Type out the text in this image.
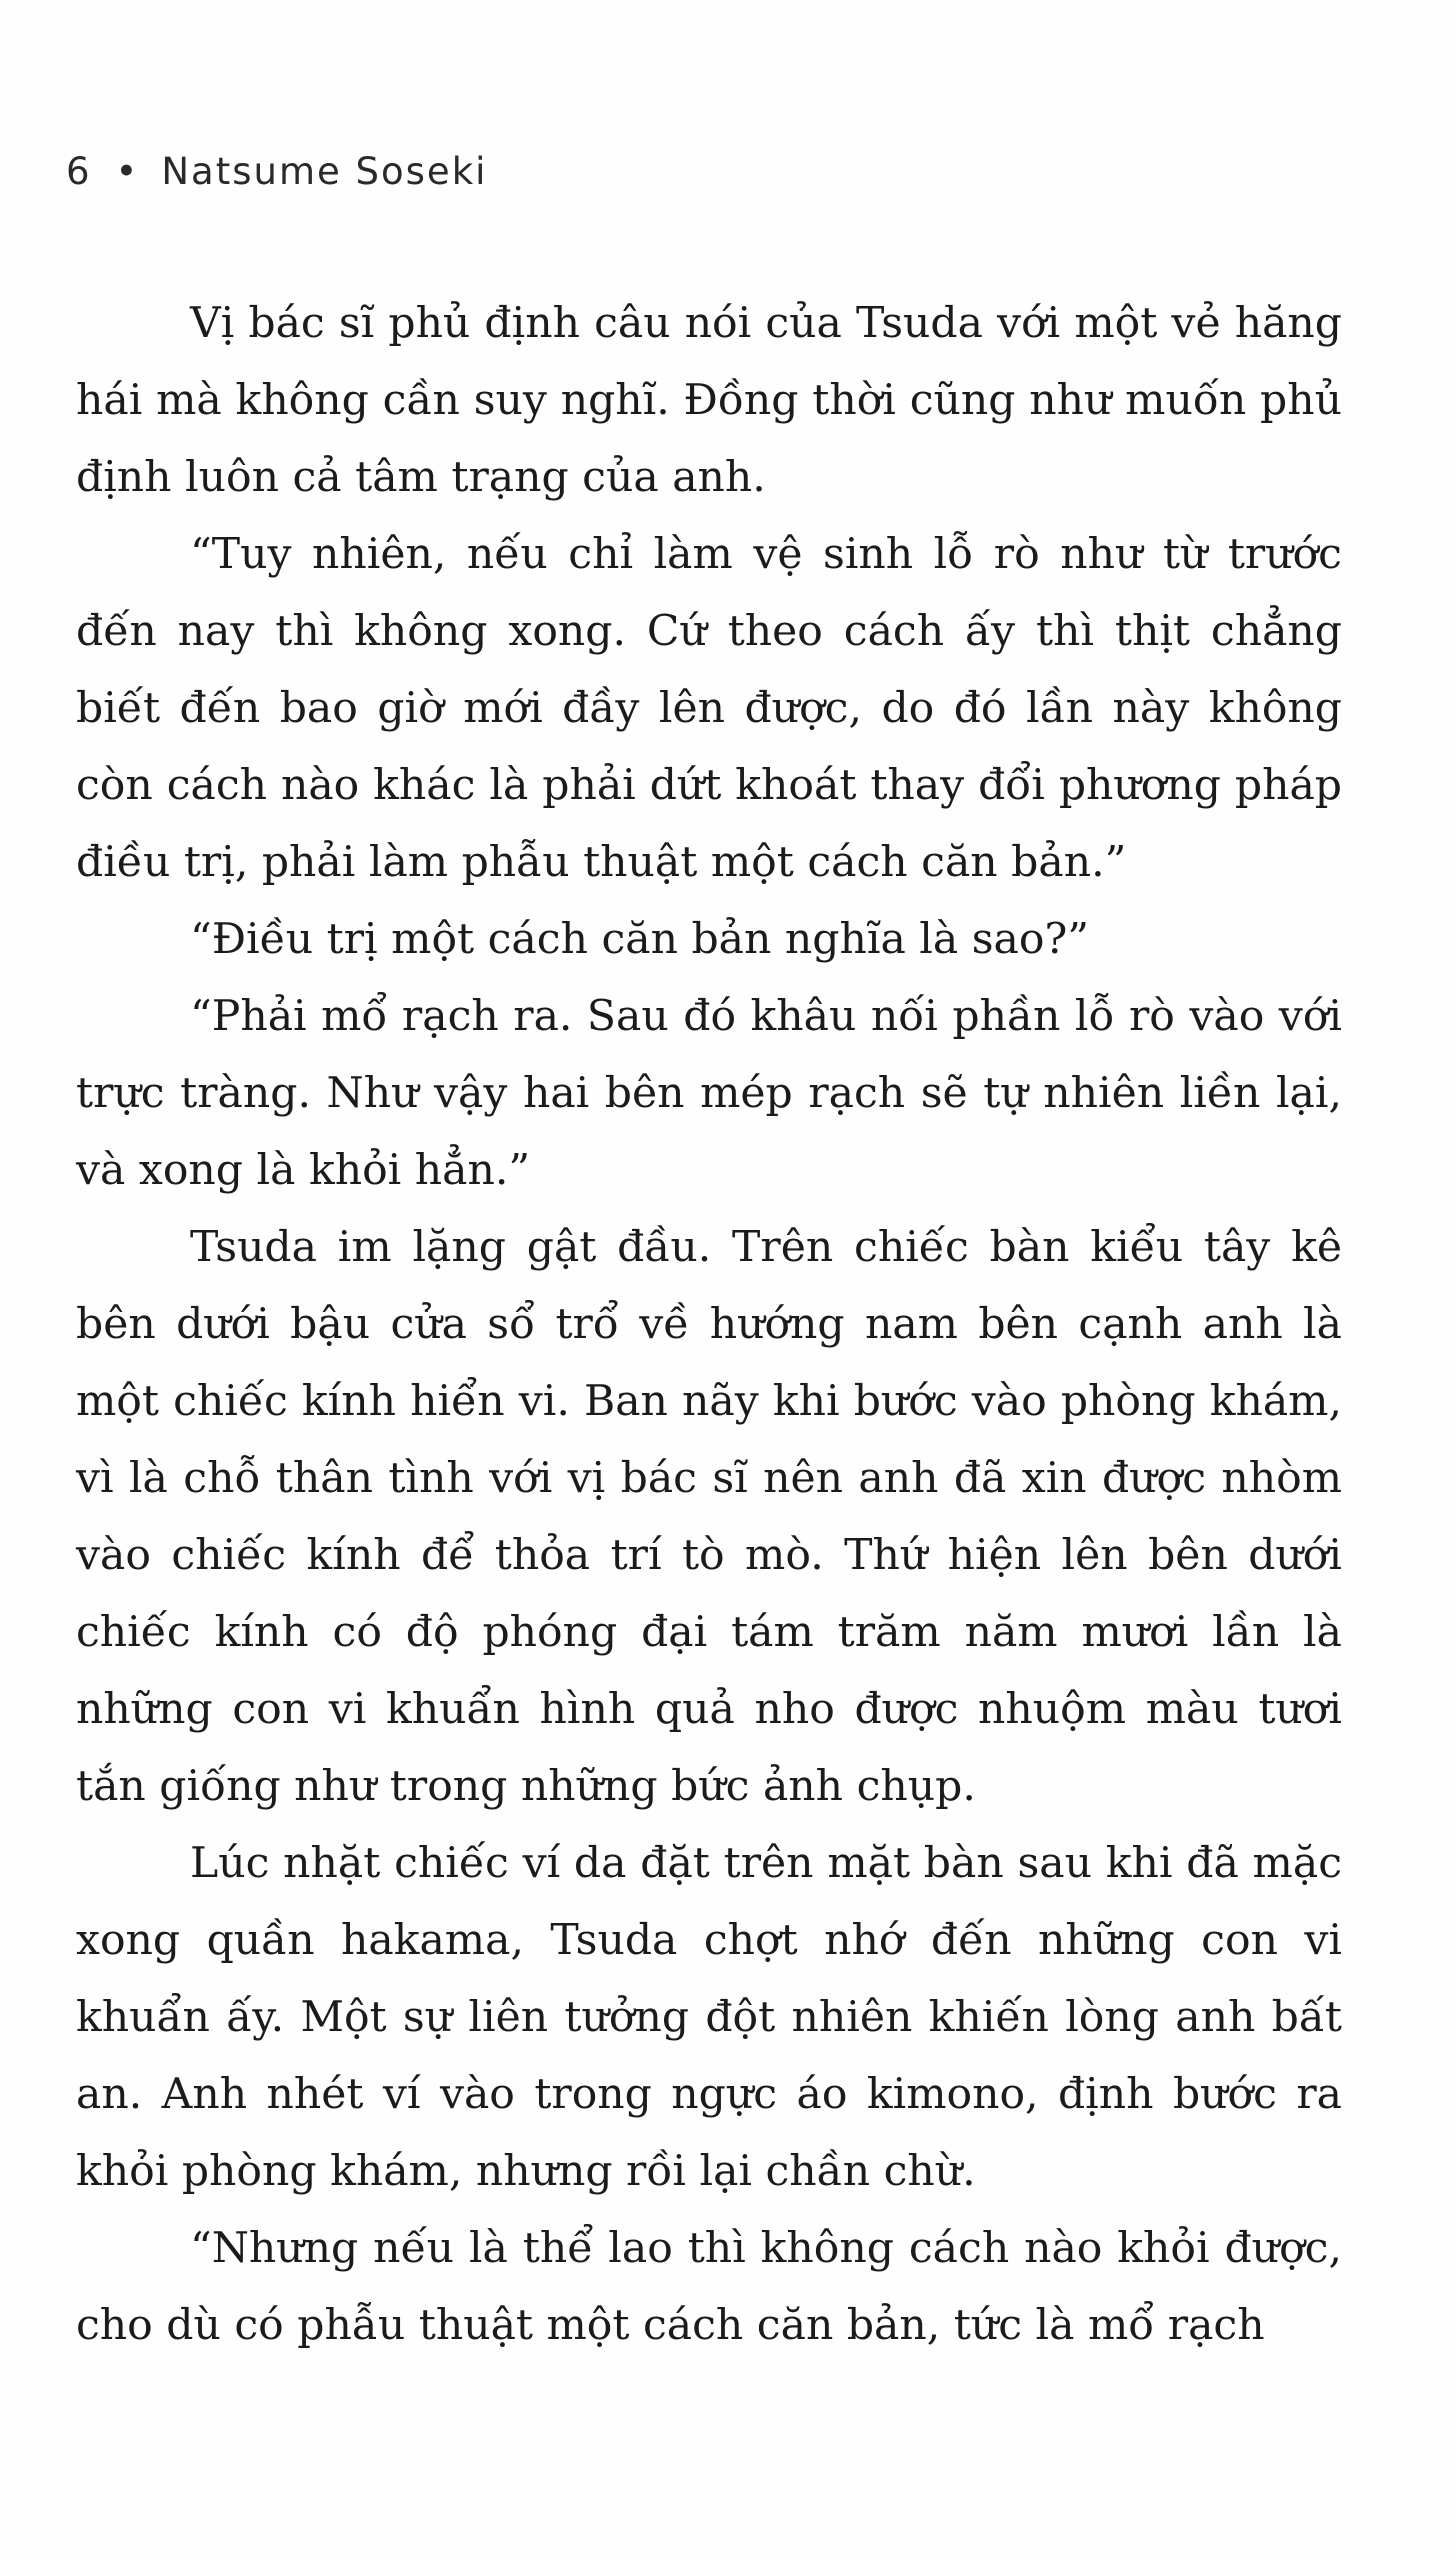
6 • Natsume Soseki

Vị bác sĩ phủ định câu nói của Tsuda với một vẻ hăng hái mà không cần suy nghĩ. Đồng thời cũng như muốn phủ định luôn cả tâm trạng của anh.

“Tuy nhiên, nếu chỉ làm vệ sinh lỗ rò như từ trước đến nay thì không xong. Cứ theo cách ấy thì thịt chẳng biết đến bao giờ mới đầy lên được, do đó lần này không còn cách nào khác là phải dứt khoát thay đổi phương pháp điều trị, phải làm phẫu thuật một cách căn bản.”

“Điều trị một cách căn bản nghĩa là sao?”

“Phải mổ rạch ra. Sau đó khâu nối phần lỗ rò vào với trực tràng. Như vậy hai bên mép rạch sẽ tự nhiên liền lại, và xong là khỏi hẳn.”

Tsuda im lặng gật đầu. Trên chiếc bàn kiểu tây kê bên dưới bậu cửa sổ trổ về hướng nam bên cạnh anh là một chiếc kính hiển vi. Ban nãy khi bước vào phòng khám, vì là chỗ thân tình với vị bác sĩ nên anh đã xin được nhòm vào chiếc kính để thỏa trí tò mò. Thứ hiện lên bên dưới chiếc kính có độ phóng đại tám trăm năm mươi lần là những con vi khuẩn hình quả nho được nhuộm màu tươi tắn giống như trong những bức ảnh chụp.

Lúc nhặt chiếc ví da đặt trên mặt bàn sau khi đã mặc xong quần hakama, Tsuda chợt nhớ đến những con vi khuẩn ấy. Một sự liên tưởng đột nhiên khiến lòng anh bất an. Anh nhét ví vào trong ngực áo kimono, định bước ra khỏi phòng khám, nhưng rồi lại chần chừ.

“Nhưng nếu là thể lao thì không cách nào khỏi được, cho dù có phẫu thuật một cách căn bản, tức là mổ rạch
